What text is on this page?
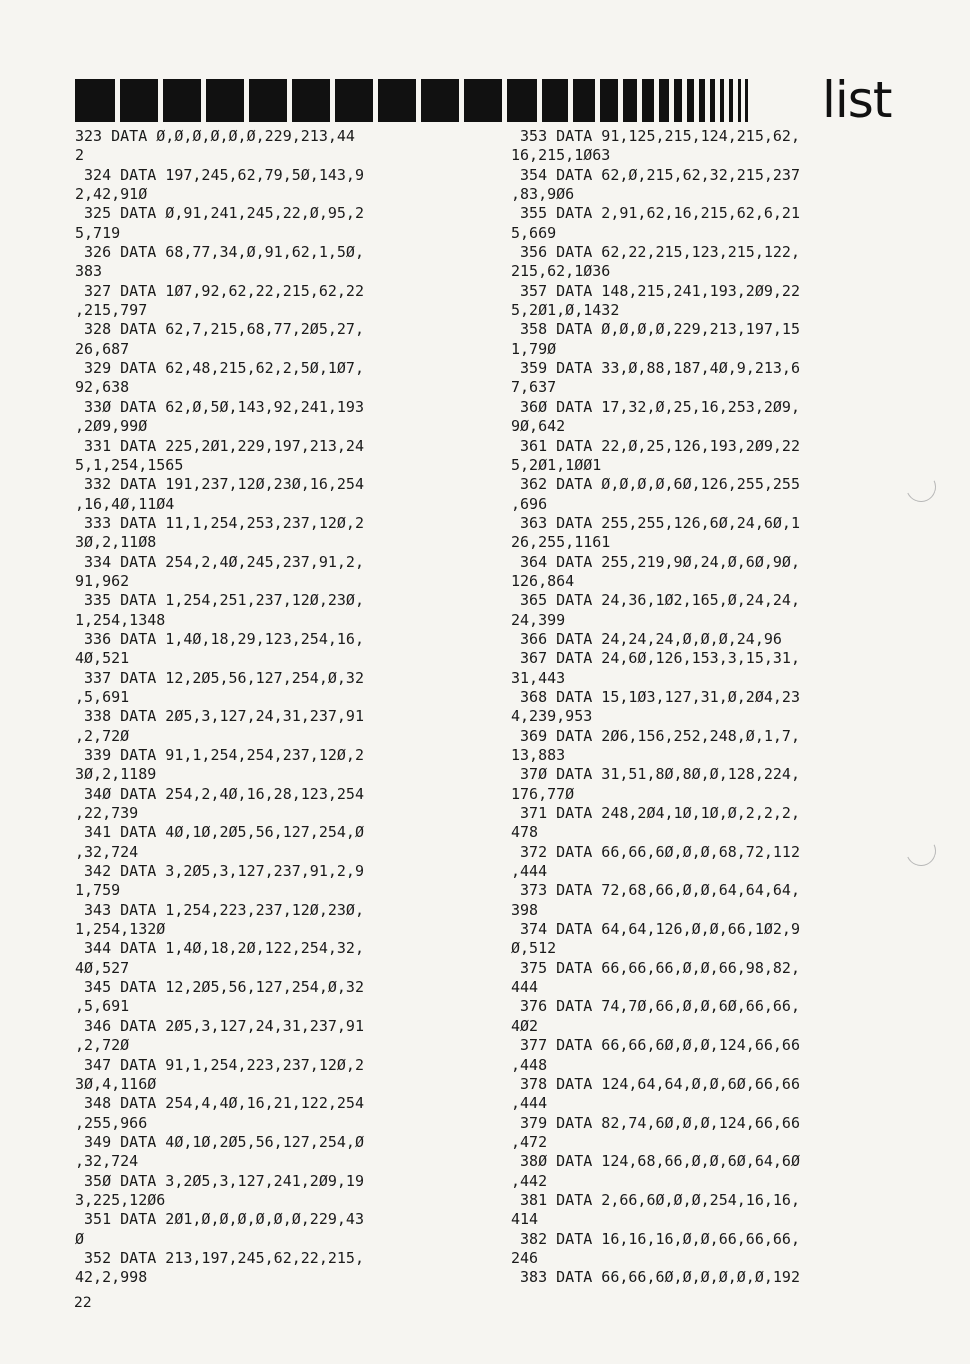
list
323 DATA Ø,Ø,Ø,Ø,Ø,Ø,229,213,44
2
324 DATA 197,245,62,79,5Ø,143,9
2,42,91Ø
325 DATA Ø,91,241,245,22,Ø,95,2
5,719
326 DATA 68,77,34,Ø,91,62,1,5Ø,
383
327 DATA 1Ø7,92,62,22,215,62,22
,215,797
328 DATA 62,7,215,68,77,2Ø5,27,
26,687
329 DATA 62,48,215,62,2,5Ø,1Ø7,
92,638
33Ø DATA 62,Ø,5Ø,143,92,241,193
,2Ø9,99Ø
331 DATA 225,2Ø1,229,197,213,24
5,1,254,1565
332 DATA 191,237,12Ø,23Ø,16,254
,16,4Ø,11Ø4
333 DATA 11,1,254,253,237,12Ø,2
3Ø,2,11Ø8
334 DATA 254,2,4Ø,245,237,91,2,
91,962
335 DATA 1,254,251,237,12Ø,23Ø,
1,254,1348
336 DATA 1,4Ø,18,29,123,254,16,
4Ø,521
337 DATA 12,2Ø5,56,127,254,Ø,32
,5,691
338 DATA 2Ø5,3,127,24,31,237,91
,2,72Ø
339 DATA 91,1,254,254,237,12Ø,2
3Ø,2,1189
34Ø DATA 254,2,4Ø,16,28,123,254
,22,739
341 DATA 4Ø,1Ø,2Ø5,56,127,254,Ø
,32,724
342 DATA 3,2Ø5,3,127,237,91,2,9
1,759
343 DATA 1,254,223,237,12Ø,23Ø,
1,254,132Ø
344 DATA 1,4Ø,18,2Ø,122,254,32,
4Ø,527
345 DATA 12,2Ø5,56,127,254,Ø,32
,5,691
346 DATA 2Ø5,3,127,24,31,237,91
,2,72Ø
347 DATA 91,1,254,223,237,12Ø,2
3Ø,4,116Ø
348 DATA 254,4,4Ø,16,21,122,254
,255,966
349 DATA 4Ø,1Ø,2Ø5,56,127,254,Ø
,32,724
35Ø DATA 3,2Ø5,3,127,241,2Ø9,19
3,225,12Ø6
351 DATA 2Ø1,Ø,Ø,Ø,Ø,Ø,Ø,229,43
Ø
352 DATA 213,197,245,62,22,215,
42,2,998
353 DATA 91,125,215,124,215,62,
16,215,1Ø63
354 DATA 62,Ø,215,62,32,215,237
,83,9Ø6
355 DATA 2,91,62,16,215,62,6,21
5,669
356 DATA 62,22,215,123,215,122,
215,62,1Ø36
357 DATA 148,215,241,193,2Ø9,22
5,2Ø1,Ø,1432
358 DATA Ø,Ø,Ø,Ø,229,213,197,15
1,79Ø
359 DATA 33,Ø,88,187,4Ø,9,213,6
7,637
36Ø DATA 17,32,Ø,25,16,253,2Ø9,
9Ø,642
361 DATA 22,Ø,25,126,193,2Ø9,22
5,2Ø1,1ØØ1
362 DATA Ø,Ø,Ø,Ø,6Ø,126,255,255
,696
363 DATA 255,255,126,6Ø,24,6Ø,1
26,255,1161
364 DATA 255,219,9Ø,24,Ø,6Ø,9Ø,
126,864
365 DATA 24,36,1Ø2,165,Ø,24,24,
24,399
366 DATA 24,24,24,Ø,Ø,Ø,24,96
367 DATA 24,6Ø,126,153,3,15,31,
31,443
368 DATA 15,1Ø3,127,31,Ø,2Ø4,23
4,239,953
369 DATA 2Ø6,156,252,248,Ø,1,7,
13,883
37Ø DATA 31,51,8Ø,8Ø,Ø,128,224,
176,77Ø
371 DATA 248,2Ø4,1Ø,1Ø,Ø,2,2,2,
478
372 DATA 66,66,6Ø,Ø,Ø,68,72,112
,444
373 DATA 72,68,66,Ø,Ø,64,64,64,
398
374 DATA 64,64,126,Ø,Ø,66,1Ø2,9
Ø,512
375 DATA 66,66,66,Ø,Ø,66,98,82,
444
376 DATA 74,7Ø,66,Ø,Ø,6Ø,66,66,
4Ø2
377 DATA 66,66,6Ø,Ø,Ø,124,66,66
,448
378 DATA 124,64,64,Ø,Ø,6Ø,66,66
,444
379 DATA 82,74,6Ø,Ø,Ø,124,66,66
,472
38Ø DATA 124,68,66,Ø,Ø,6Ø,64,6Ø
,442
381 DATA 2,66,6Ø,Ø,Ø,254,16,16,
414
382 DATA 16,16,16,Ø,Ø,66,66,66,
246
383 DATA 66,66,6Ø,Ø,Ø,Ø,Ø,Ø,192
22
